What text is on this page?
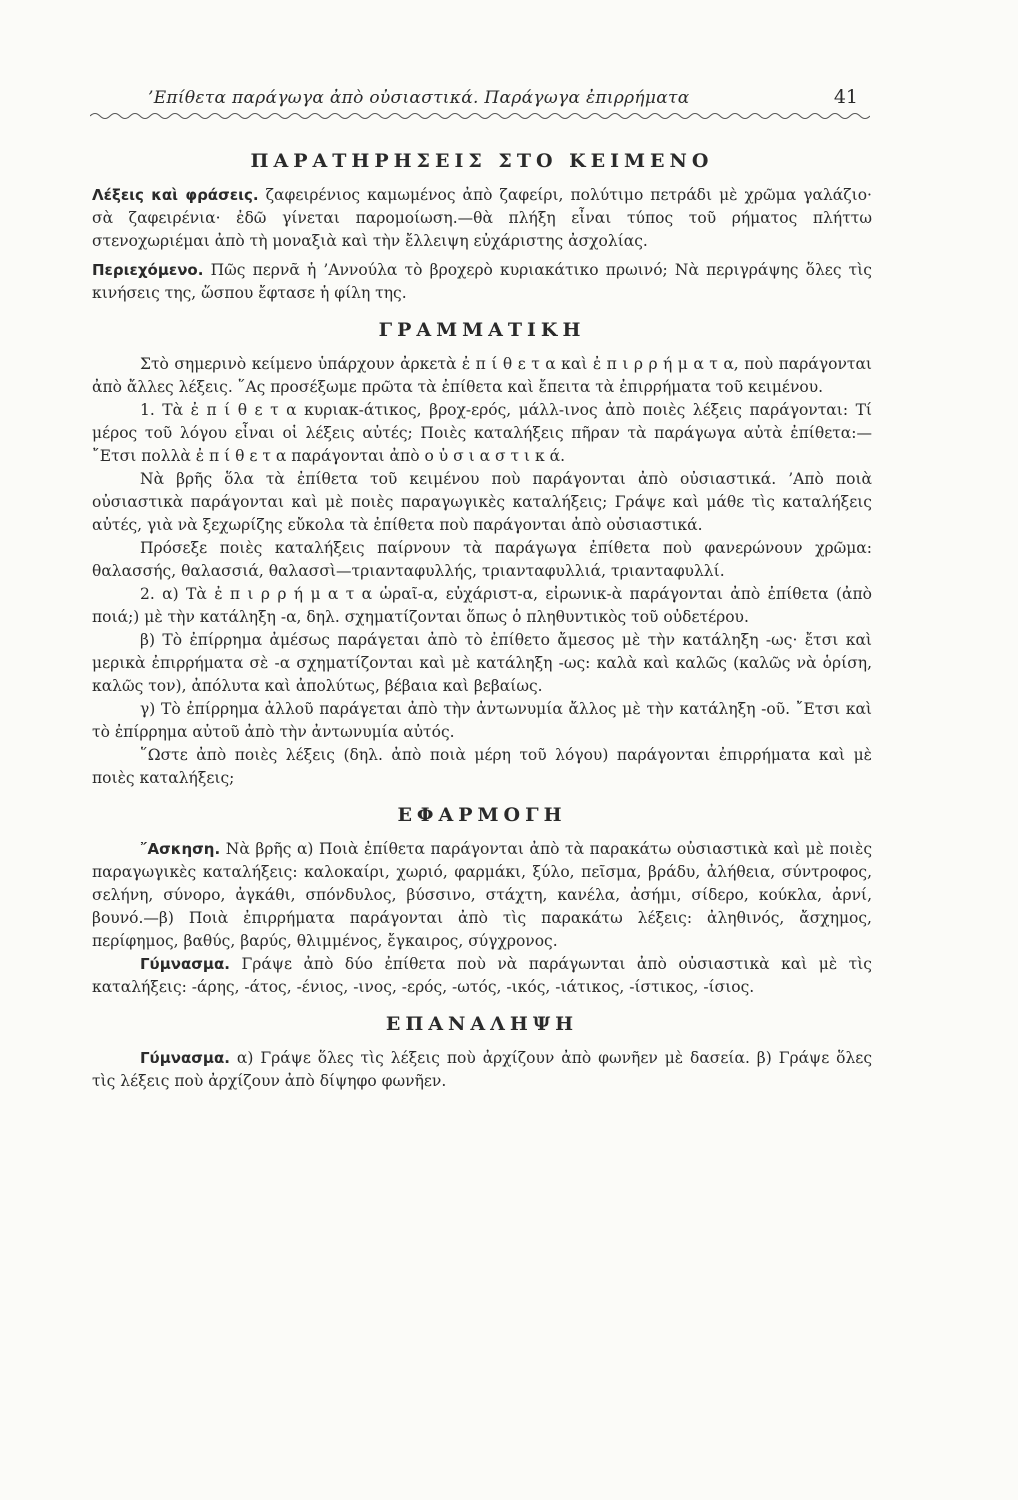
’Επίθετα παράγωγα ἀπὸ οὐσιαστικά. Παράγωγα ἐπιρρήματα	41
ΠΑΡΑΤΗΡΗΣΕΙΣ ΣΤΟ ΚΕΙΜΕΝΟ

Λέξεις καὶ φράσεις. ζαφειρένιος καμωμένος ἀπὸ ζαφείρι, πολύτιμο πετράδι μὲ χρῶμα γαλάζιο· σὰ ζαφειρένια· ἐδῶ γίνεται παρομοίωση.—θὰ πλήξη εἶναι τύπος τοῦ ρήματος πλήττω στενοχωριέμαι ἀπὸ τὴ μοναξιὰ καὶ τὴν ἔλλειψη εὐχάριστης ἀσχολίας.

Περιεχόμενο. Πῶς περνᾶ ἡ ’Αννούλα τὸ βροχερὸ κυριακάτικο πρωινό; Νὰ περιγράψης ὅλες τὶς κινήσεις της, ὥσπου ἔφτασε ἡ φίλη της.

ΓΡΑΜΜΑΤΙΚΗ

Στὸ σημερινὸ κείμενο ὑπάρχουν ἀρκετὰ ἐ π ί θ ε τ α καὶ ἐ π ι ρ ρ ή μ α τ α, ποὺ παράγονται ἀπὸ ἄλλες λέξεις. ῞Ας προσέξωμε πρῶτα τὰ ἐπίθετα καὶ ἔπειτα τὰ ἐπιρρήματα τοῦ κειμένου.

1. Τὰ ἐ π ί θ ε τ α κυριακ-άτικος, βροχ-ερός, μάλλ-ινος ἀπὸ ποιὲς λέξεις παράγονται: Τί μέρος τοῦ λόγου εἶναι οἱ λέξεις αὐτές; Ποιὲς καταλήξεις πῆραν τὰ παράγωγα αὐτὰ ἐπίθετα:—῎Ετσι πολλὰ ἐ π ί θ ε τ α παράγονται ἀπὸ ο ὐ σ ι α σ τ ι κ ά.

Νὰ βρῆς ὅλα τὰ ἐπίθετα τοῦ κειμένου ποὺ παράγονται ἀπὸ οὐσιαστικά. ’Απὸ ποιὰ οὐσιαστικὰ παράγονται καὶ μὲ ποιὲς παραγωγικὲς καταλήξεις; Γράψε καὶ μάθε τὶς καταλήξεις αὐτές, γιὰ νὰ ξεχωρίζης εὔκολα τὰ ἐπίθετα ποὺ παράγονται ἀπὸ οὐσιαστικά.

Πρόσεξε ποιὲς καταλήξεις παίρνουν τὰ παράγωγα ἐπίθετα ποὺ φανερώνουν χρῶμα: θαλασσής, θαλασσιά, θαλασσὶ—τριανταφυλλής, τριανταφυλλιά, τριανταφυλλί.

2. α) Τὰ ἐ π ι ρ ρ ή μ α τ α ὡραῖ-α, εὐχάριστ-α, εἰρωνικ-ὰ παράγονται ἀπὸ ἐπίθετα (ἀπὸ ποιά;) μὲ τὴν κατάληξη -α, δηλ. σχηματίζονται ὅπως ὁ πληθυντικὸς τοῦ οὐδετέρου.

β) Τὸ ἐπίρρημα ἀμέσως παράγεται ἀπὸ τὸ ἐπίθετο ἄμεσος μὲ τὴν κατάληξη -ως· ἔτσι καὶ μερικὰ ἐπιρρήματα σὲ -α σχηματίζονται καὶ μὲ κατάληξη -ως: καλὰ καὶ καλῶς (καλῶς νὰ ὁρίση, καλῶς τον), ἀπόλυτα καὶ ἀπολύτως, βέβαια καὶ βεβαίως.

γ) Τὸ ἐπίρρημα ἀλλοῦ παράγεται ἀπὸ τὴν ἀντωνυμία ἄλλος μὲ τὴν κατάληξη -οῦ. ῎Ετσι καὶ τὸ ἐπίρρημα αὐτοῦ ἀπὸ τὴν ἀντωνυμία αὐτός.

῞Ωστε ἀπὸ ποιὲς λέξεις (δηλ. ἀπὸ ποιὰ μέρη τοῦ λόγου) παράγονται ἐπιρρήματα καὶ μὲ ποιὲς καταλήξεις;

ΕΦΑΡΜΟΓΗ

῎Ασκηση. Νὰ βρῆς α) Ποιὰ ἐπίθετα παράγονται ἀπὸ τὰ παρακάτω οὐσιαστικὰ καὶ μὲ ποιὲς παραγωγικὲς καταλήξεις: καλοκαίρι, χωριό, φαρμάκι, ξύλο, πεῖσμα, βράδυ, ἀλήθεια, σύντροφος, σελήνη, σύνορο, ἀγκάθι, σπόνδυλος, βύσσινο, στάχτη, κανέλα, ἀσήμι, σίδερο, κούκλα, ἀρνί, βουνό.—β) Ποιὰ ἐπιρρήματα παράγονται ἀπὸ τὶς παρακάτω λέξεις: ἀληθινός, ἄσχημος, περίφημος, βαθύς, βαρύς, θλιμμένος, ἔγκαιρος, σύγχρονος.

Γύμνασμα. Γράψε ἀπὸ δύο ἐπίθετα ποὺ νὰ παράγωνται ἀπὸ οὐσιαστικὰ καὶ μὲ τὶς καταλήξεις: -άρης, -άτος, -ένιος, -ινος, -ερός, -ωτός, -ικός, -ιάτικος, -ίστικος, -ίσιος.

ΕΠΑΝΑΛΗΨΗ

Γύμνασμα. α) Γράψε ὅλες τὶς λέξεις ποὺ ἀρχίζουν ἀπὸ φωνῆεν μὲ δασεία. β) Γράψε ὅλες τὶς λέξεις ποὺ ἀρχίζουν ἀπὸ δίψηφο φωνῆεν.
